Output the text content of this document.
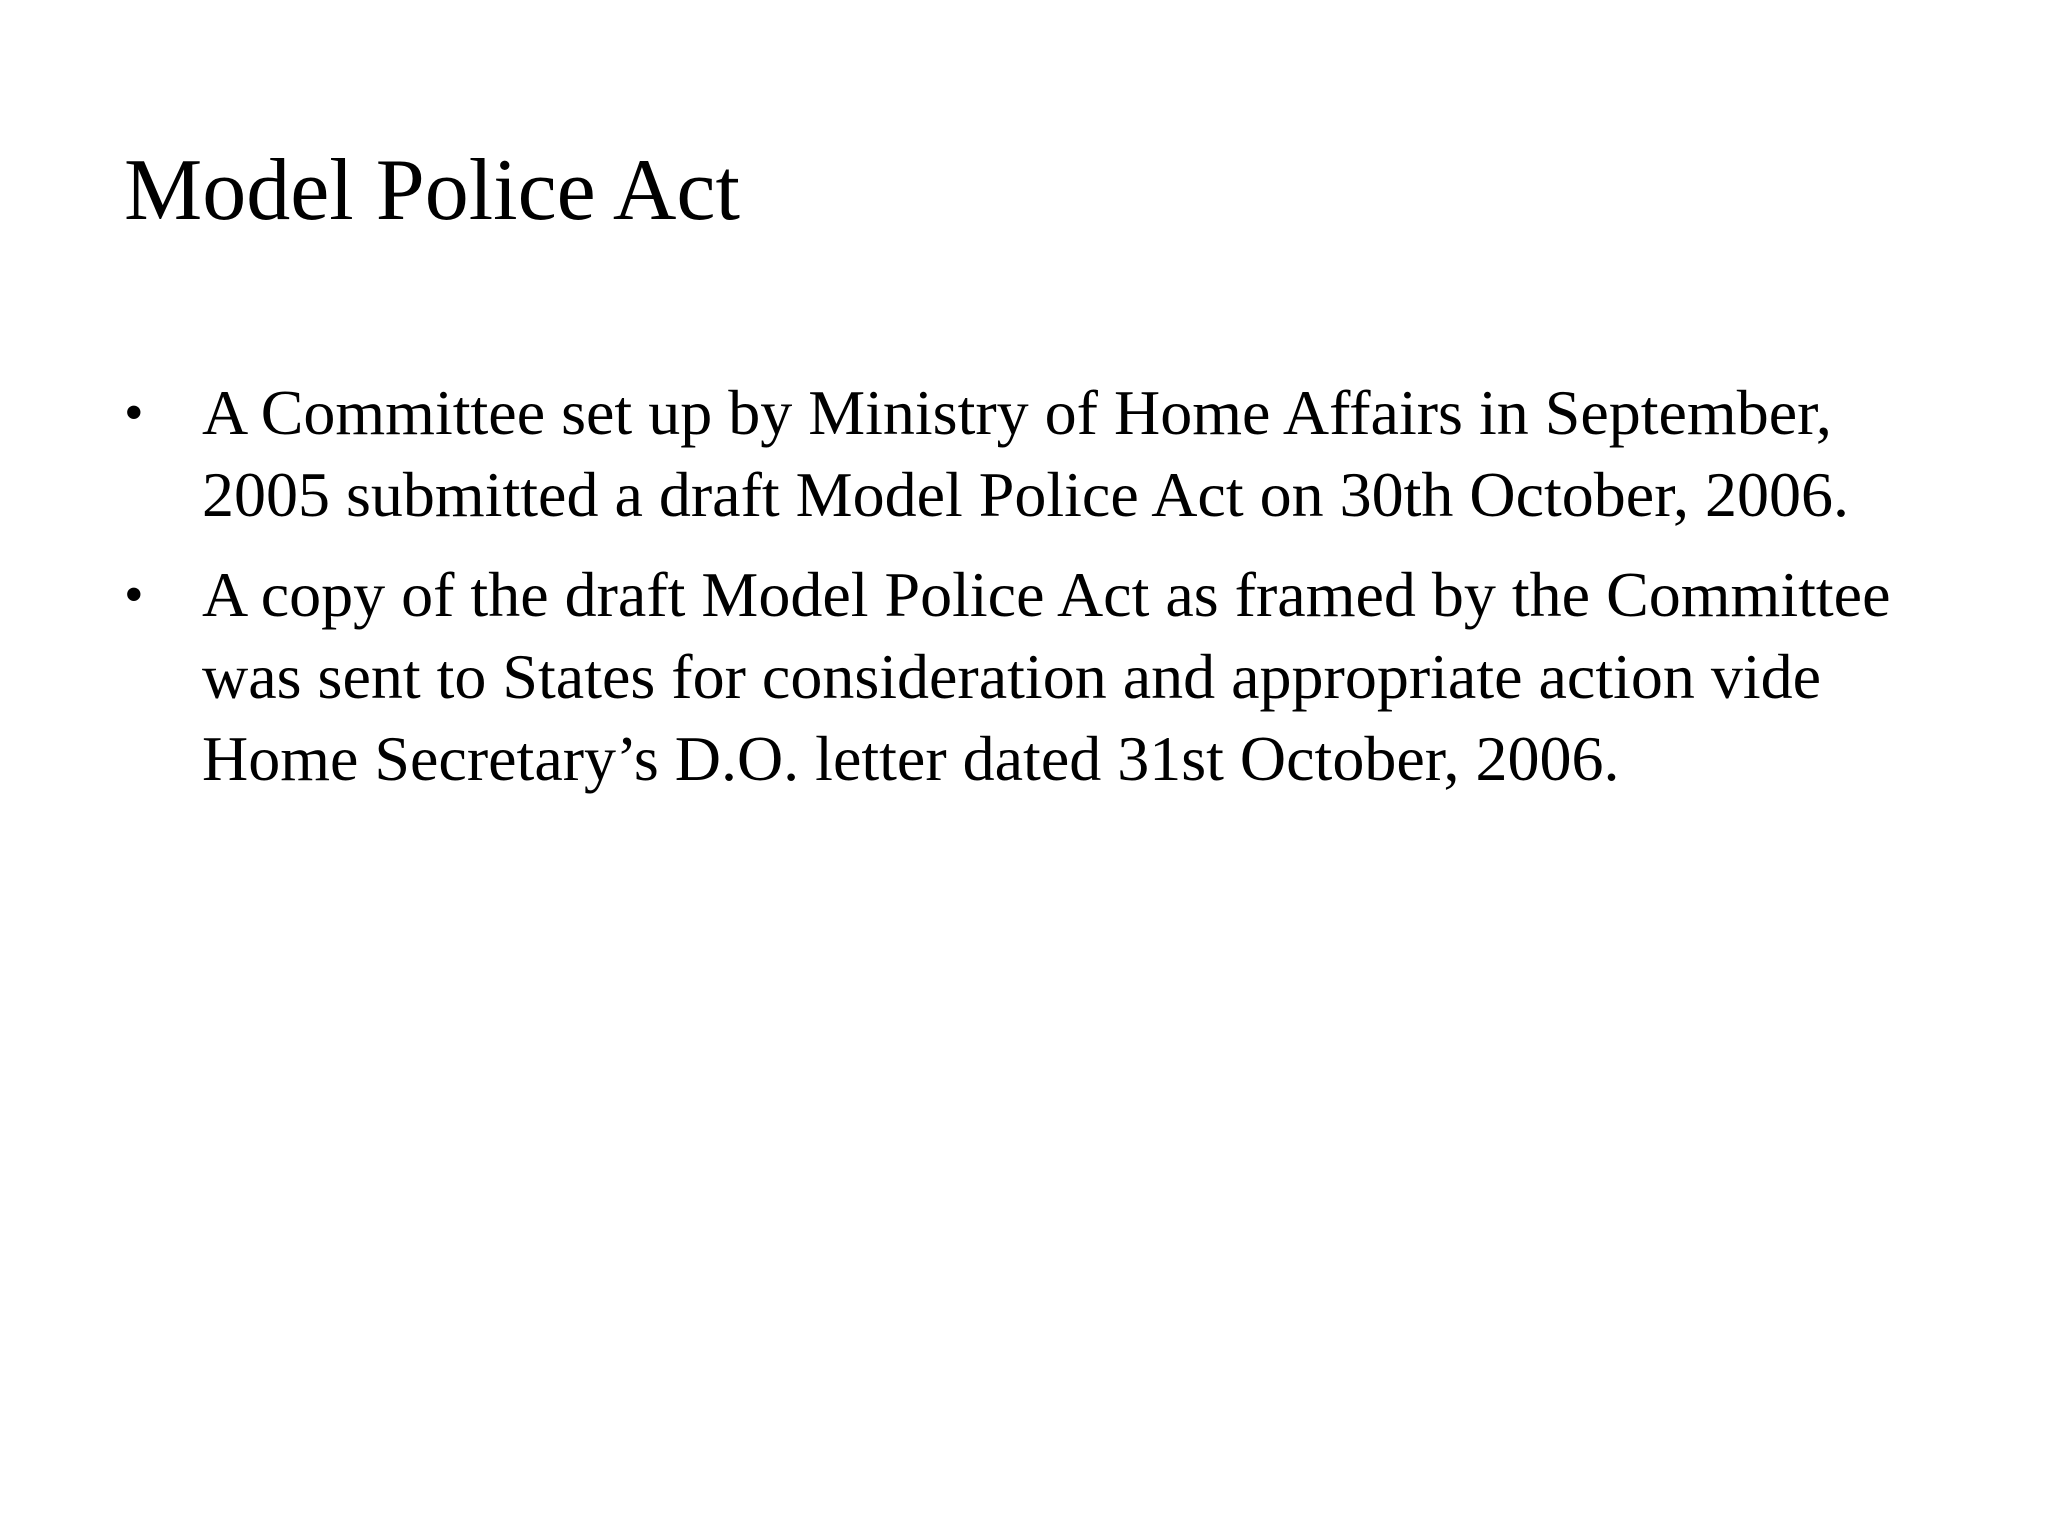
Model Police Act
• A Committee set up by Ministry of Home Affairs in September, 2005 submitted a draft Model Police Act on 30th October, 2006.
• A copy of the draft Model Police Act as framed by the Committee was sent to States for consideration and appropriate action vide Home Secretary’s D.O. letter dated 31st October, 2006.
